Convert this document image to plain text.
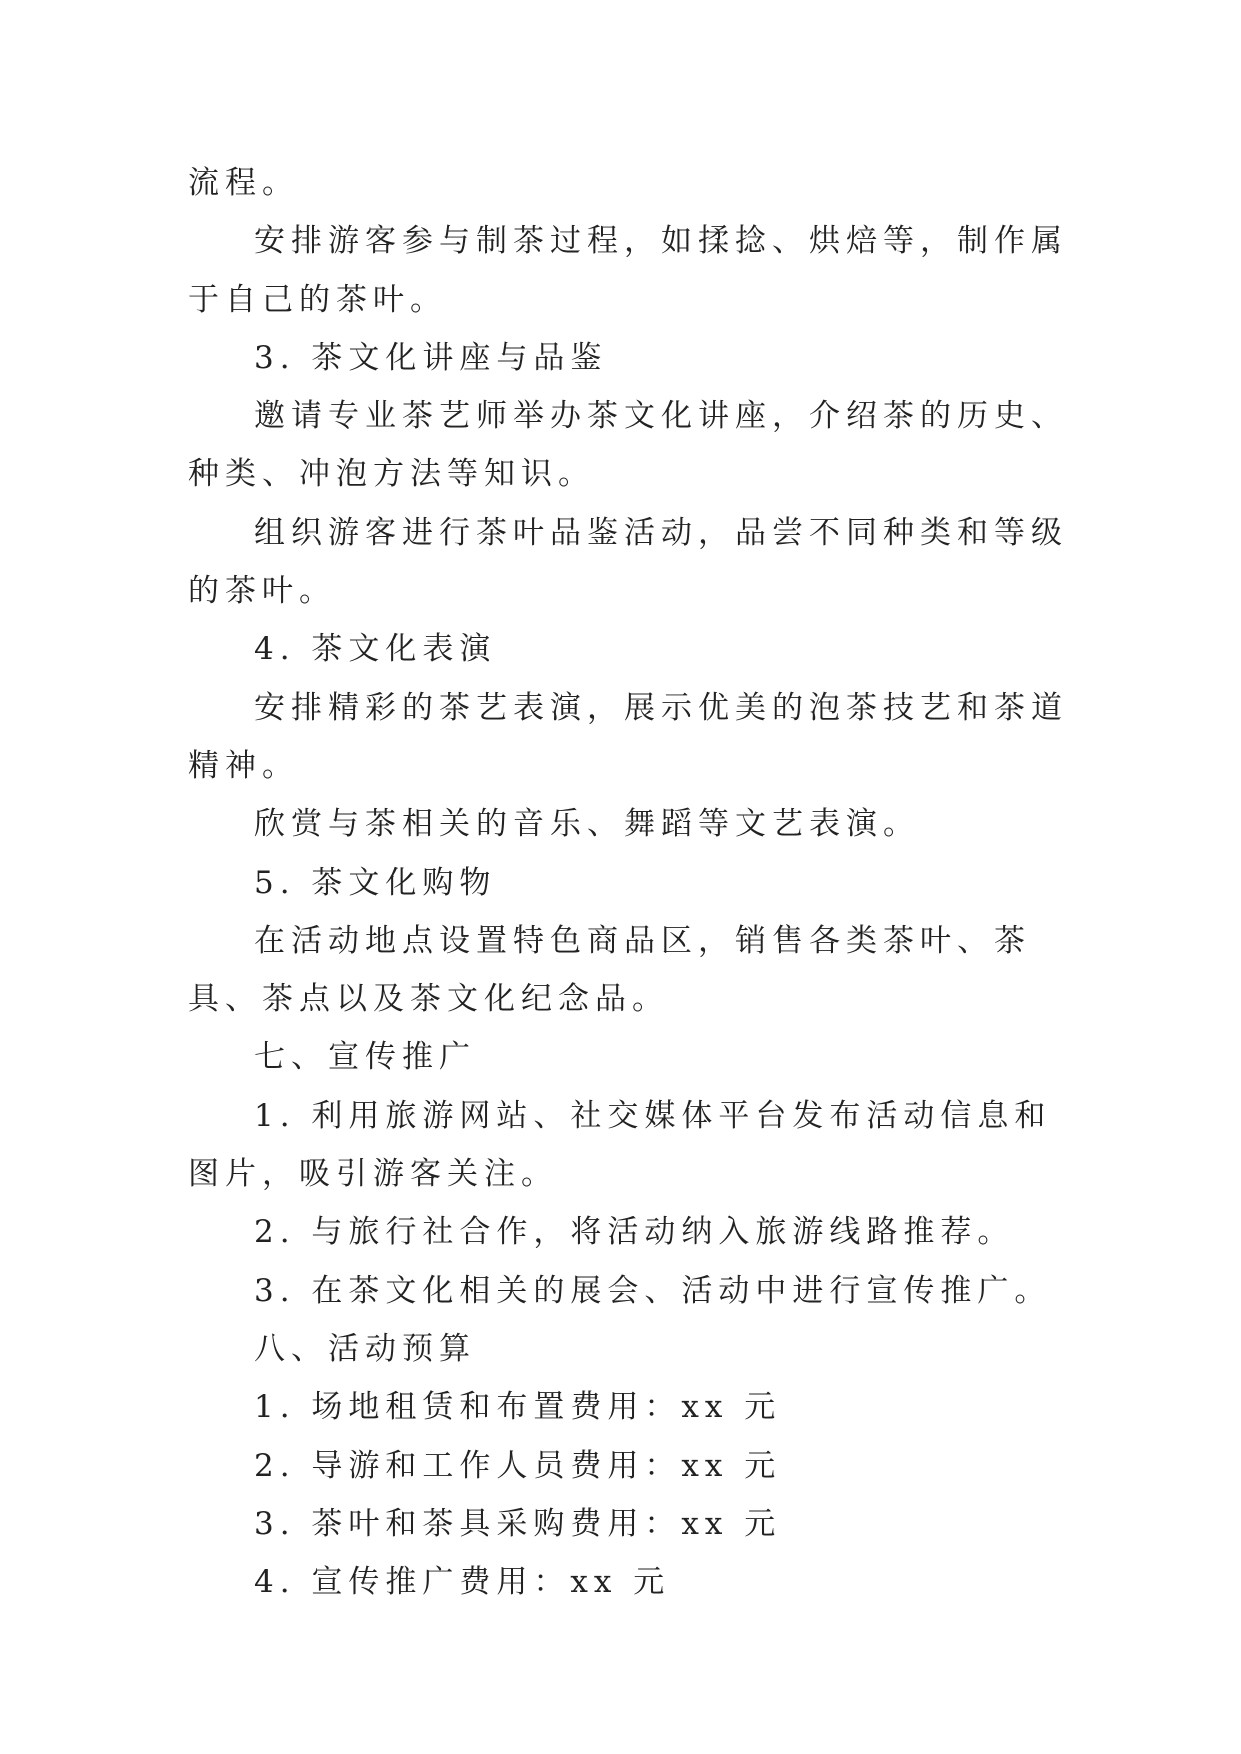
流程。

安排游客参与制茶过程，如揉捻、烘焙等，制作属于自己的茶叶。

3. 茶文化讲座与品鉴

邀请专业茶艺师举办茶文化讲座，介绍茶的历史、种类、冲泡方法等知识。

组织游客进行茶叶品鉴活动，品尝不同种类和等级的茶叶。

4. 茶文化表演

安排精彩的茶艺表演，展示优美的泡茶技艺和茶道精神。

欣赏与茶相关的音乐、舞蹈等文艺表演。

5. 茶文化购物

在活动地点设置特色商品区，销售各类茶叶、茶具、茶点以及茶文化纪念品。

七、宣传推广

1. 利用旅游网站、社交媒体平台发布活动信息和图片，吸引游客关注。

2. 与旅行社合作，将活动纳入旅游线路推荐。

3. 在茶文化相关的展会、活动中进行宣传推广。

八、活动预算

1. 场地租赁和布置费用：xx 元

2. 导游和工作人员费用：xx 元

3. 茶叶和茶具采购费用：xx 元

4. 宣传推广费用：xx 元
